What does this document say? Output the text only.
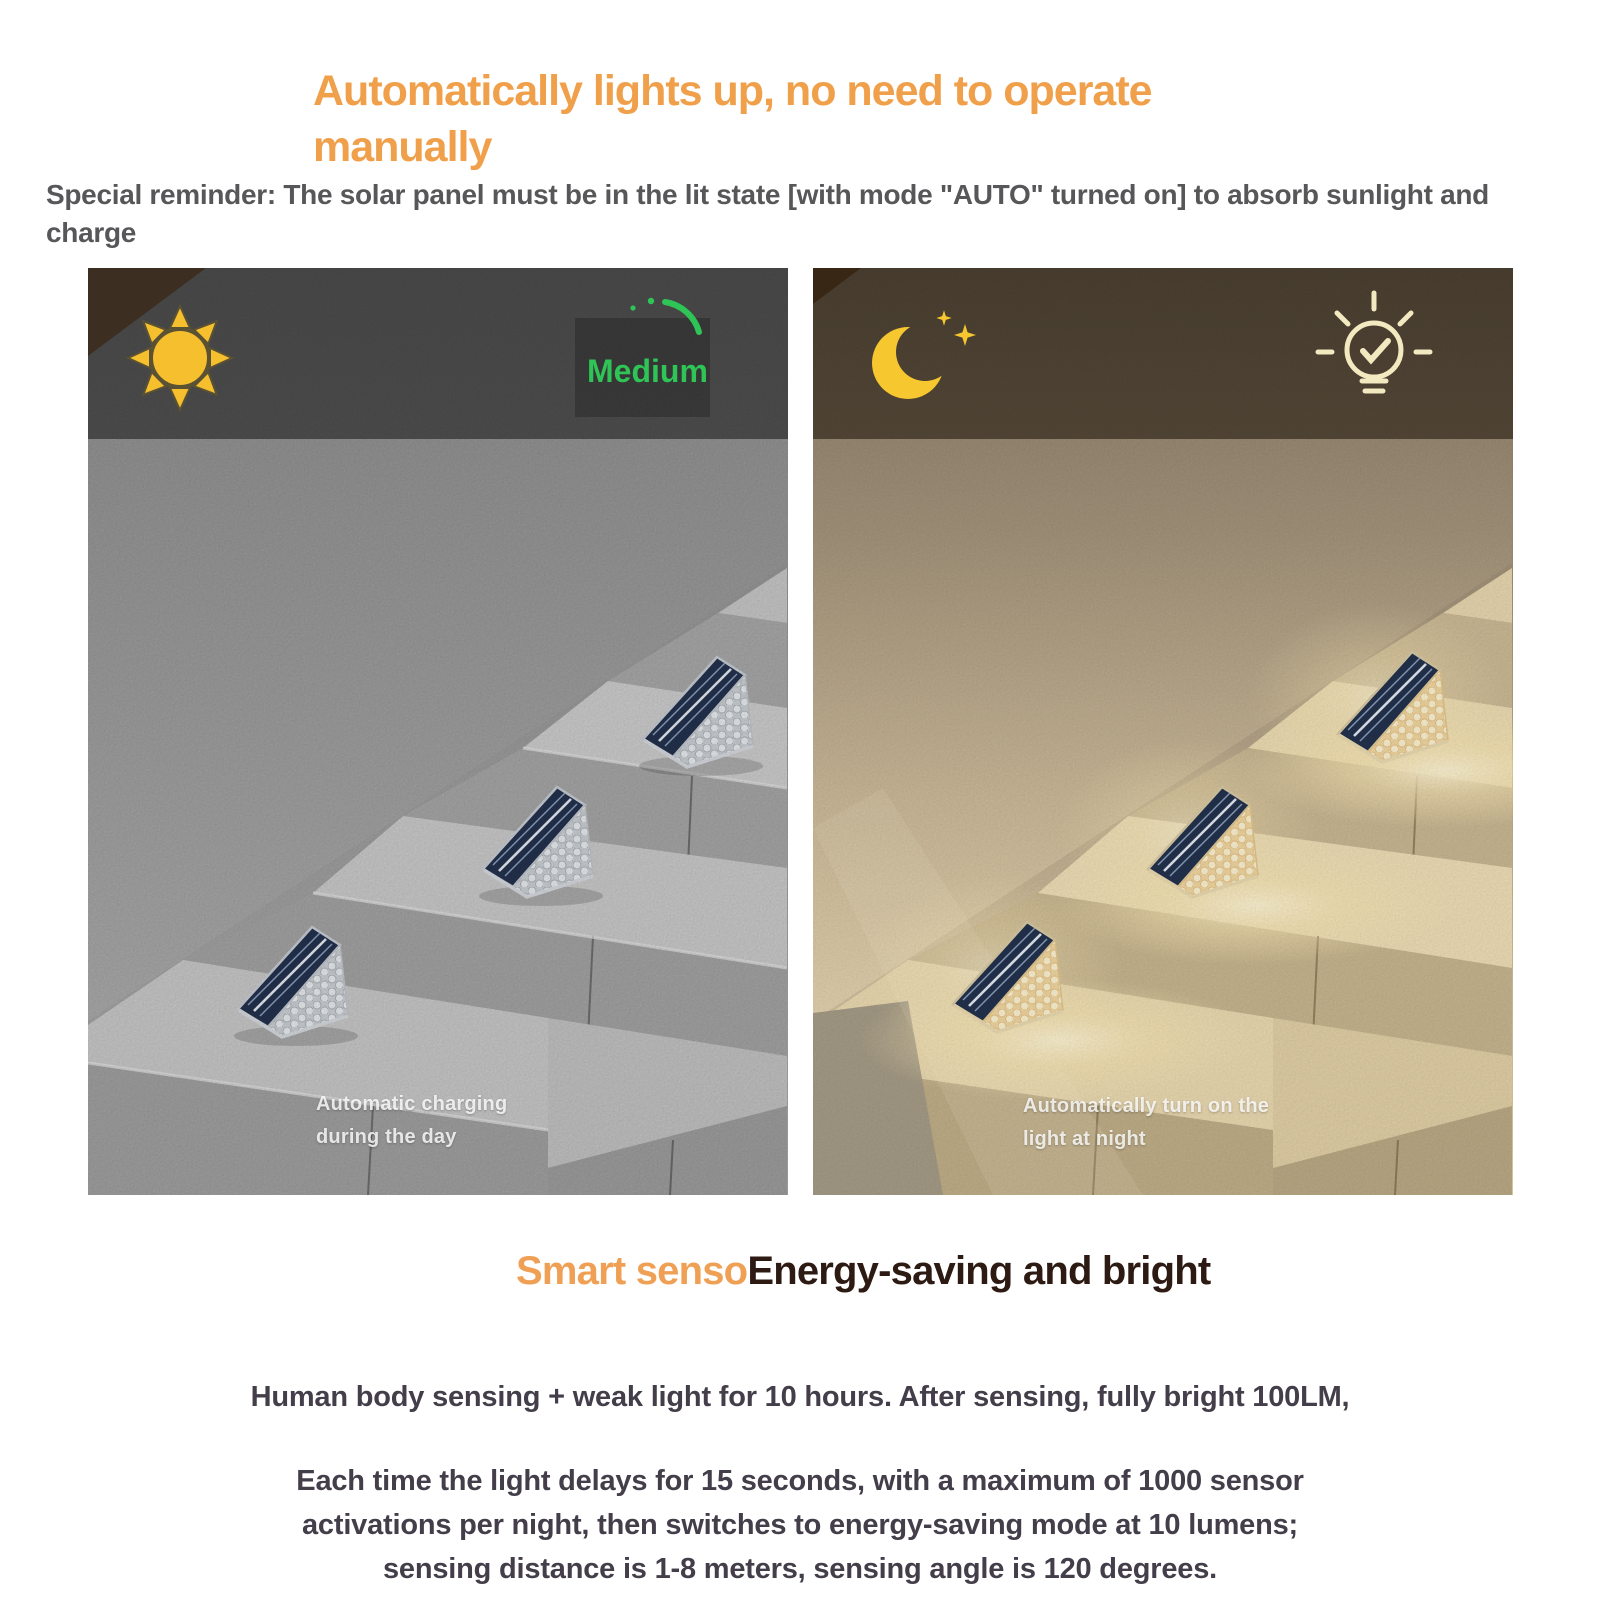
Automatically lights up, no need to operate
manually

Special reminder: The solar panel must be in the lit state [with mode "AUTO" turned on] to absorb sunlight and
charge

Medium
Automatic charging
during the day
Automatically turn on the
light at night
Smart sensoEnergy-saving and bright

Human body sensing + weak light for 10 hours. After sensing, fully bright 100LM,

Each time the light delays for 15 seconds, with a maximum of 1000 sensor
activations per night, then switches to energy-saving mode at 10 lumens;
sensing distance is 1-8 meters, sensing angle is 120 degrees.
